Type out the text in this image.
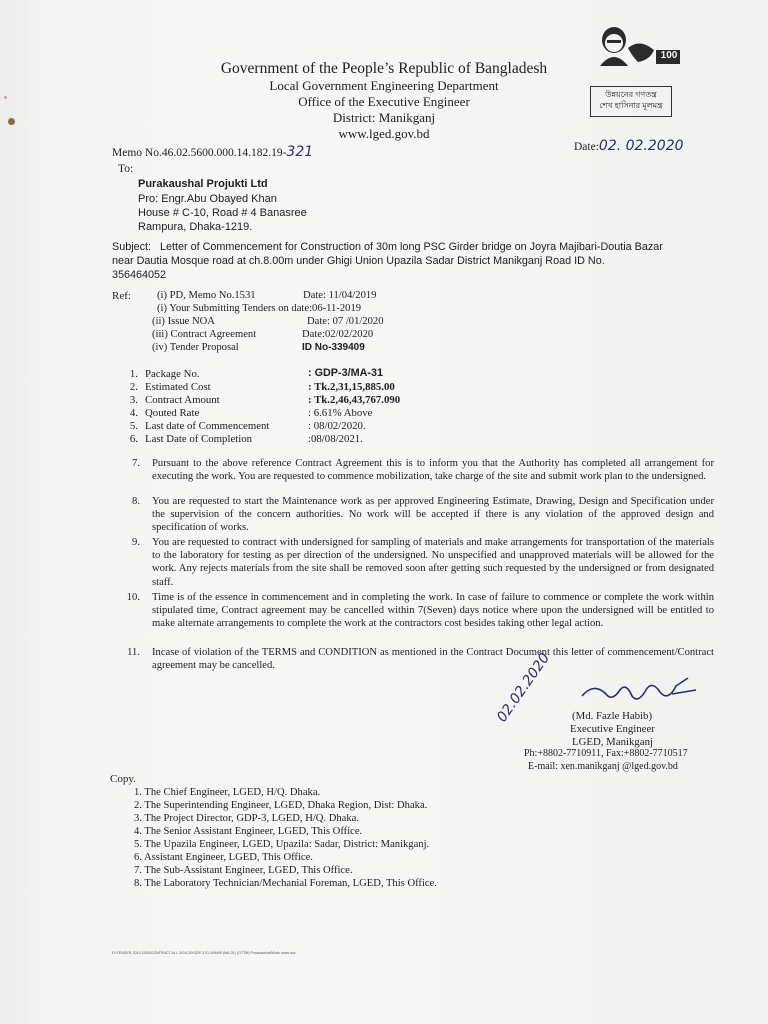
Government of the People’s Republic of Bangladesh
Local Government Engineering Department
Office of the Executive Engineer
District: Manikganj
www.lged.gov.bd
100
উন্নয়নের গণতন্ত্র
শেখ হাসিনার মূলমন্ত্র
Memo No.46.02.5600.000.14.182.19-321	Date:02. 02.2020
To:
Purakaushal Projukti Ltd
Pro: Engr.Abu Obayed Khan
House # C-10, Road # 4 Banasree
Rampura, Dhaka-1219.
Subject: Letter of Commencement for Construction of 30m long PSC Girder bridge on Joyra Majibari-Doutia Bazar
near Dautia Mosque road at ch.8.00m under Ghigi Union Upazila Sadar District Manikganj Road ID No.
356464052
Ref: (i) PD, Memo No.1531	Date: 11/04/2019
(i) Your Submitting Tenders on date:06-11-2019
(ii) Issue NOA	Date: 07 /01/2020
(iii) Contract Agreement	Date:02/02/2020
(iv) Tender Proposal	ID No-339409
1. Package No.	: GDP-3/MA-31
2. Estimated Cost	: Tk.2,31,15,885.00
3. Contract Amount	: Tk.2,46,43,767.090
4. Qouted Rate	: 6.61% Above
5. Last date of Commencement	: 08/02/2020.
6. Last Date of Completion	:08/08/2021.
7. Pursuant to the above reference Contract Agreement this is to inform you that the Authority has completed all arrangement for executing the work. You are requested to commence mobilization, take charge of the site and submit work plan to the undersigned.
8. You are requested to start the Maintenance work as per approved Engineering Estimate, Drawing, Design and Specification under the supervision of the concern authorities. No work will be accepted if there is any violation of the approved design and specification of works.
9. You are requested to contract with undersigned for sampling of materials and make arrangements for transportation of the materials to the laboratory for testing as per direction of the undersigned. No unspecified and unapproved materials will be allowed for the work. Any rejects materials from the site shall be removed soon after getting such requested by the undersigned or from designated staff.
10. Time is of the essence in commencement and in completing the work. In case of failure to commence or complete the work within stipulated time, Contract agreement may be cancelled within 7(Seven) days notice where upon the undersigned will be entitled to make alternate arrangements to complete the work at the contractors cost besides taking other legal action.
11. Incase of violation of the TERMS and CONDITION as mentioned in the Contract Document this letter of commencement/Contract agreement may be cancelled.	02.02.2020 (Md. Fazle Habib)
Executive Engineer
LGED, Manikganj
Ph:+8802-7710911, Fax:+8802-7710517
E-mail: xen.manikganj @lged.gov.bd
Copy.
1. The Chief Engineer, LGED, H/Q. Dhaka.
2. The Superintending Engineer, LGED, Dhaka Region, Dist: Dhaka.
3. The Project Director, GDP-3, LGED, H/Q. Dhaka.
4. The Senior Assistant Engineer, LGED, This Office.
5. The Upazila Engineer, LGED, Upazila: Sadar, District: Manikganj.
6. Assistant Engineer, LGED, This Office.
7. The Sub-Assistant Engineer, LGED, This Office.
8. The Laboratory Technician/Mechanial Foreman, LGED, This Office.
D:\TENDER-2019-2020\CONTRACT ALL-2019-20\GDP-3 ID-349409 (MA-31) (OTTM) Purakaushal\Work order.doc
